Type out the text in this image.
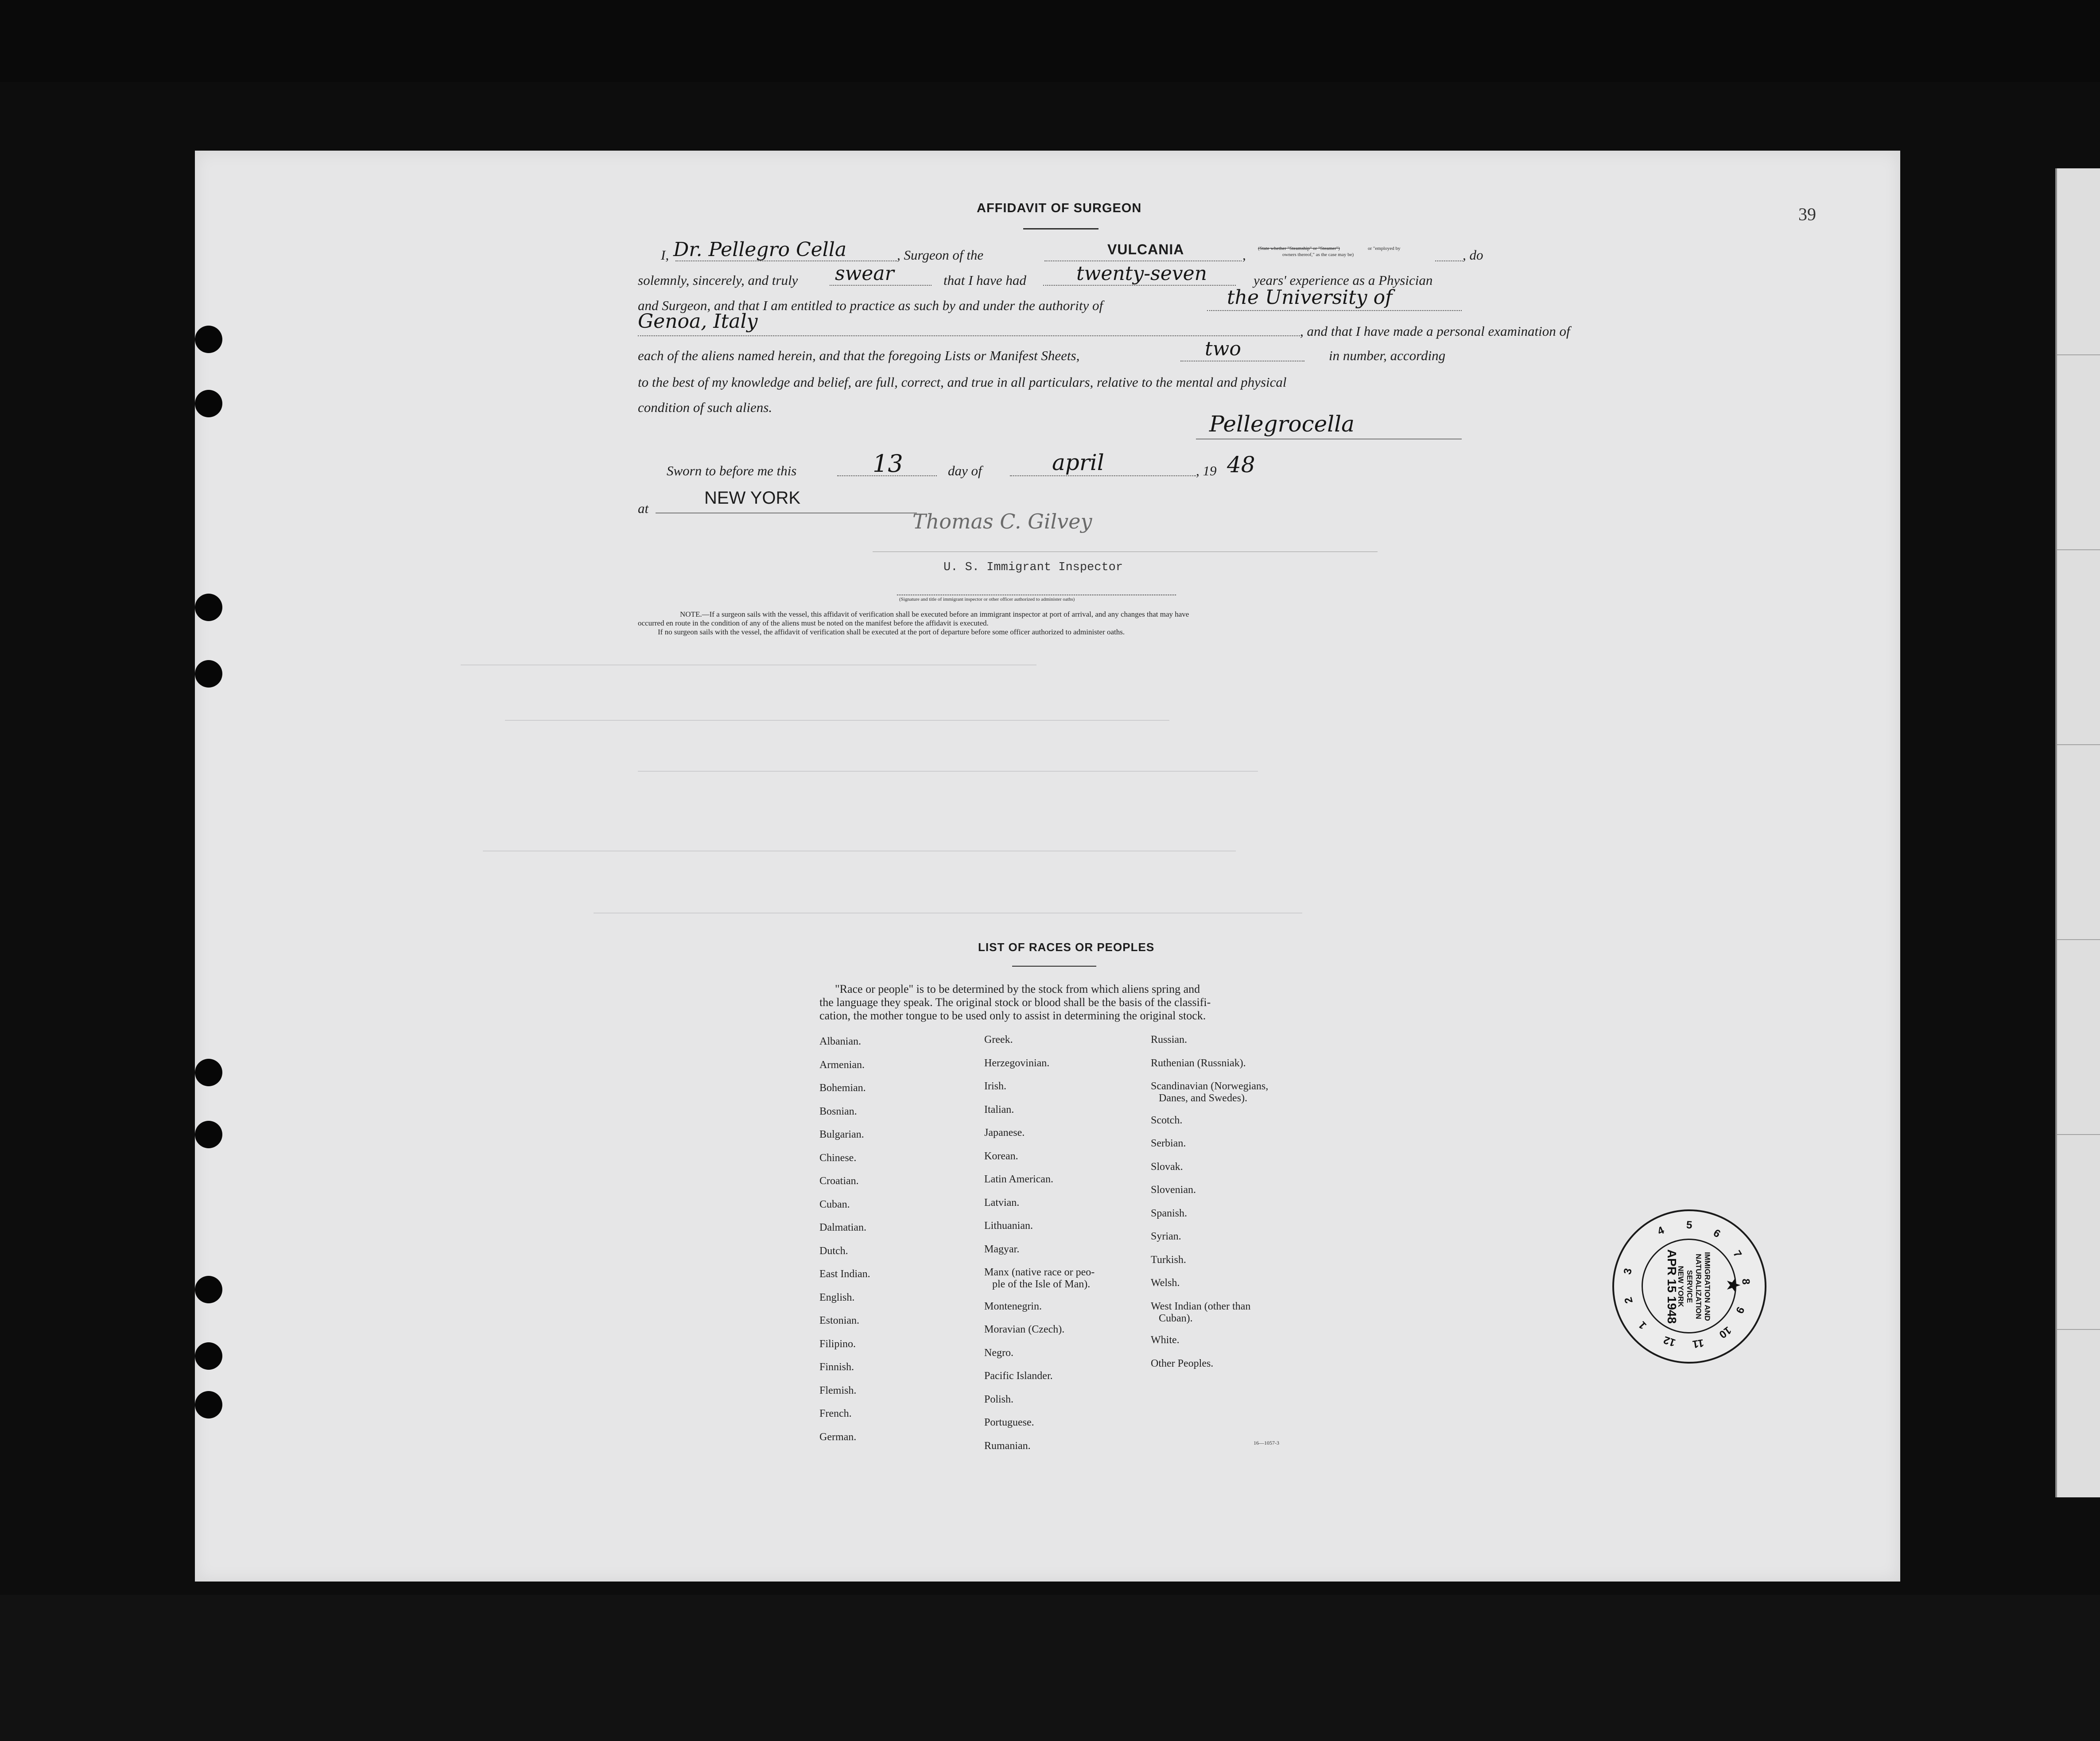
39
AFFIDAVIT OF SURGEON
I, Dr. Pellegro Cella	, Surgeon of the	VULCANIA	, (State whether "Steamship" or "Steamer")	or "employed by
owners thereof," as the case may be)	, do
solemnly, sincerely, and truly swear	that I have had	twenty-seven	years' experience as a Physician
and Surgeon, and that I am entitled to practice as such by and under the authority of	the University of
Genoa, Italy	, and that I have made a personal examination of
each of the aliens named herein, and that the foregoing Lists or Manifest Sheets,	two	in number, according
to the best of my knowledge and belief, are full, correct, and true in all particulars, relative to the mental and physical
condition of such aliens.
Pellegrocella
Sworn to before me this	13	day of	april	, 19 48
at
NEW YORK
Thomas C. Gilvey
U. S. Immigrant Inspector
(Signature and title of immigrant inspector or other officer authorized to administer oaths)
NOTE.—If a surgeon sails with the vessel, this affidavit of verification shall be executed before an immigrant inspector at port of arrival, and any changes that may have
occurred en route in the condition of any of the aliens must be noted on the manifest before the affidavit is executed.
If no surgeon sails with the vessel, the affidavit of verification shall be executed at the port of departure before some officer authorized to administer oaths.
LIST OF RACES OR PEOPLES
"Race or people" is to be determined by the stock from which aliens spring and
the language they speak. The original stock or blood shall be the basis of the classifi-
cation, the mother tongue to be used only to assist in determining the original stock.
Albanian.
Armenian.
Bohemian.
Bosnian.
Bulgarian.
Chinese.
Croatian.
Cuban.
Dalmatian.
Dutch.
East Indian.
English.
Estonian.
Filipino.
Finnish.
Flemish.
French.
German.
Greek.
Herzegovinian.
Irish.
Italian.
Japanese.
Korean.
Latin American.
Latvian.
Lithuanian.
Magyar.
Manx (native race or peo-
ple of the Isle of Man).
Montenegrin.
Moravian (Czech).
Negro.
Pacific Islander.
Polish.
Portuguese.
Rumanian.
Russian.
Ruthenian (Russniak).
Scandinavian (Norwegians,
Danes, and Swedes).
Scotch.
Serbian.
Slovak.
Slovenian.
Spanish.
Syrian.
Turkish.
Welsh.
West Indian (other than
Cuban).
White.
Other Peoples.
16—1057-3
4 5
6
7
8
9
10
11
12
1
2
3	IMMIGRATION AND
NATURALIZATION
SERVICE
NEW YORK
APR 15 1948 ★
